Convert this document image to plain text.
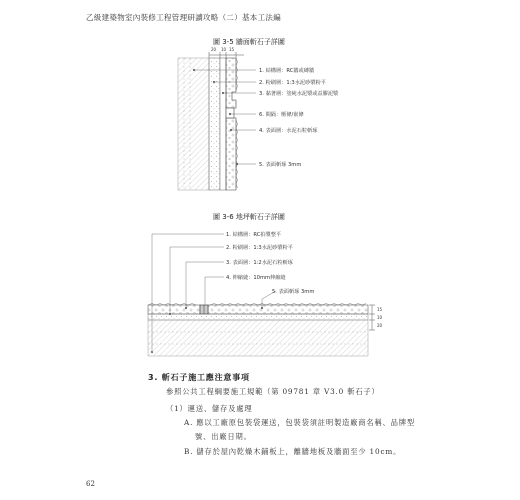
乙級建築物室內裝修工程管理研讀攻略（二）基本工法編
圖 3-5 牆面斬石子詳圖
20 10 15
1. 結構層：RC牆或磚牆
2. 粉刷層：1:3水泥砂漿粉平
3. 黏著層：塗純水泥漿或益膠泥漿
6. 間隔：壓條/嵌條
4. 表面層：水泥石粒斬琢
5. 表面斬琢 3mm
1. 結構層：RC拍漿整平
2. 粉刷層：1:3水泥砂漿粉平
3. 表面層：1:2水泥石粒斬琢
4. 伸縮縫：10mm伸縮縫
5. 表面斬琢 3mm
15
10
20
圖 3-6 地坪斬石子詳圖
3. 斬石子施工應注意事項
參照公共工程綱要施工規範（第 09781 章 V3.0 斬石子）
（1）運送、儲存及處理
A. 應以工廠原包裝袋運送，包裝袋須註明製造廠商名稱、品牌型
號、出廠日期。
B. 儲存於屋內乾燥木鋪板上，離牆地板及牆面至少 10cm。
62
